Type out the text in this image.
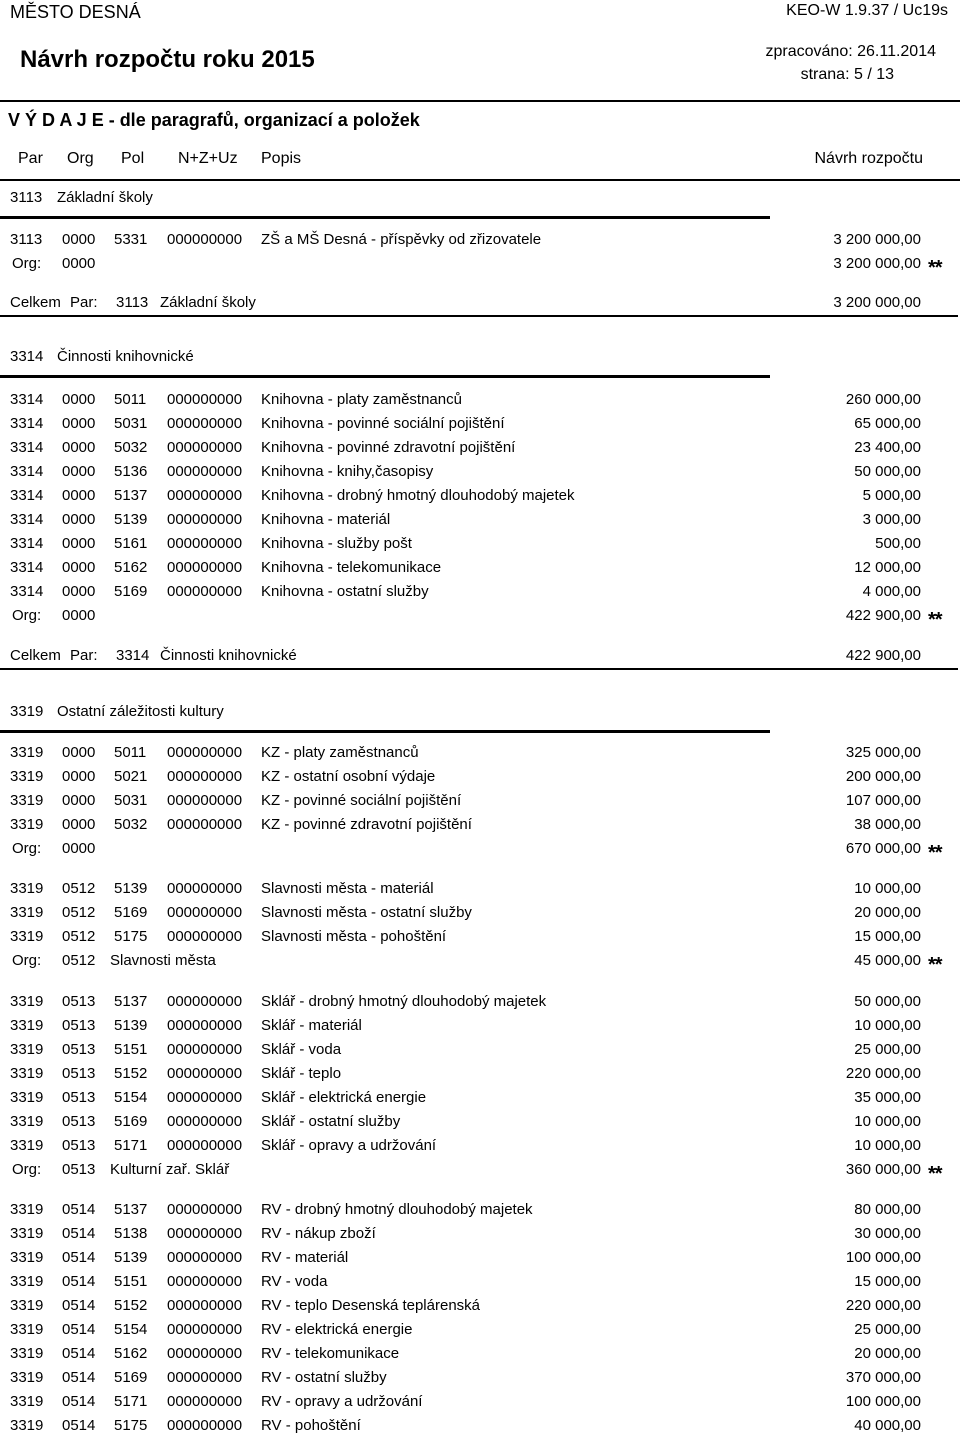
MĚSTO DESNÁ	KEO-W 1.9.37 / Uc19s
Návrh rozpočtu roku 2015	zpracováno: 26.11.2014
strana: 5 / 13
V Ý D A J E - dle paragrafů, organizací a položek
Par Org Pol N+Z+Uz Popis	Návrh rozpočtu
3113 Základní školy
3113 0000 5331 000000000 ZŠ a MŠ Desná - příspěvky od zřizovatele	3 200 000,00
Org: 0000	3 200 000,00 **
Celkem Par: 3113 Základní školy	3 200 000,00
3314 Činnosti knihovnické
3314 0000 5011 000000000 Knihovna - platy zaměstnanců	260 000,00
3314 0000 5031 000000000 Knihovna - povinné sociální pojištění	65 000,00
3314 0000 5032 000000000 Knihovna - povinné zdravotní pojištění	23 400,00
3314 0000 5136 000000000 Knihovna - knihy,časopisy	50 000,00
3314 0000 5137 000000000 Knihovna - drobný hmotný dlouhodobý majetek	5 000,00
3314 0000 5139 000000000 Knihovna - materiál	3 000,00
3314 0000 5161 000000000 Knihovna - služby pošt	500,00
3314 0000 5162 000000000 Knihovna - telekomunikace	12 000,00
3314 0000 5169 000000000 Knihovna - ostatní služby	4 000,00
Org: 0000	422 900,00 **
Celkem Par: 3314 Činnosti knihovnické	422 900,00
3319 Ostatní záležitosti kultury
3319 0000 5011 000000000 KZ - platy zaměstnanců	325 000,00
3319 0000 5021 000000000 KZ - ostatní osobní výdaje	200 000,00
3319 0000 5031 000000000 KZ - povinné sociální pojištění	107 000,00
3319 0000 5032 000000000 KZ - povinné zdravotní pojištění	38 000,00
Org: 0000	670 000,00 **
3319 0512 5139 000000000 Slavnosti města - materiál	10 000,00
3319 0512 5169 000000000 Slavnosti města - ostatní služby	20 000,00
3319 0512 5175 000000000 Slavnosti města - pohoštění	15 000,00
Org: 0512 Slavnosti města	45 000,00 **
3319 0513 5137 000000000 Sklář - drobný hmotný dlouhodobý majetek	50 000,00
3319 0513 5139 000000000 Sklář - materiál	10 000,00
3319 0513 5151 000000000 Sklář - voda	25 000,00
3319 0513 5152 000000000 Sklář - teplo	220 000,00
3319 0513 5154 000000000 Sklář - elektrická energie	35 000,00
3319 0513 5169 000000000 Sklář - ostatní služby	10 000,00
3319 0513 5171 000000000 Sklář - opravy a udržování	10 000,00
Org: 0513 Kulturní zař. Sklář	360 000,00 **
3319 0514 5137 000000000 RV - drobný hmotný dlouhodobý majetek	80 000,00
3319 0514 5138 000000000 RV - nákup zboží	30 000,00
3319 0514 5139 000000000 RV - materiál	100 000,00
3319 0514 5151 000000000 RV - voda	15 000,00
3319 0514 5152 000000000 RV - teplo Desenská teplárenská	220 000,00
3319 0514 5154 000000000 RV - elektrická energie	25 000,00
3319 0514 5162 000000000 RV - telekomunikace	20 000,00
3319 0514 5169 000000000 RV - ostatní služby	370 000,00
3319 0514 5171 000000000 RV - opravy a udržování	100 000,00
3319 0514 5175 000000000 RV - pohoštění	40 000,00
